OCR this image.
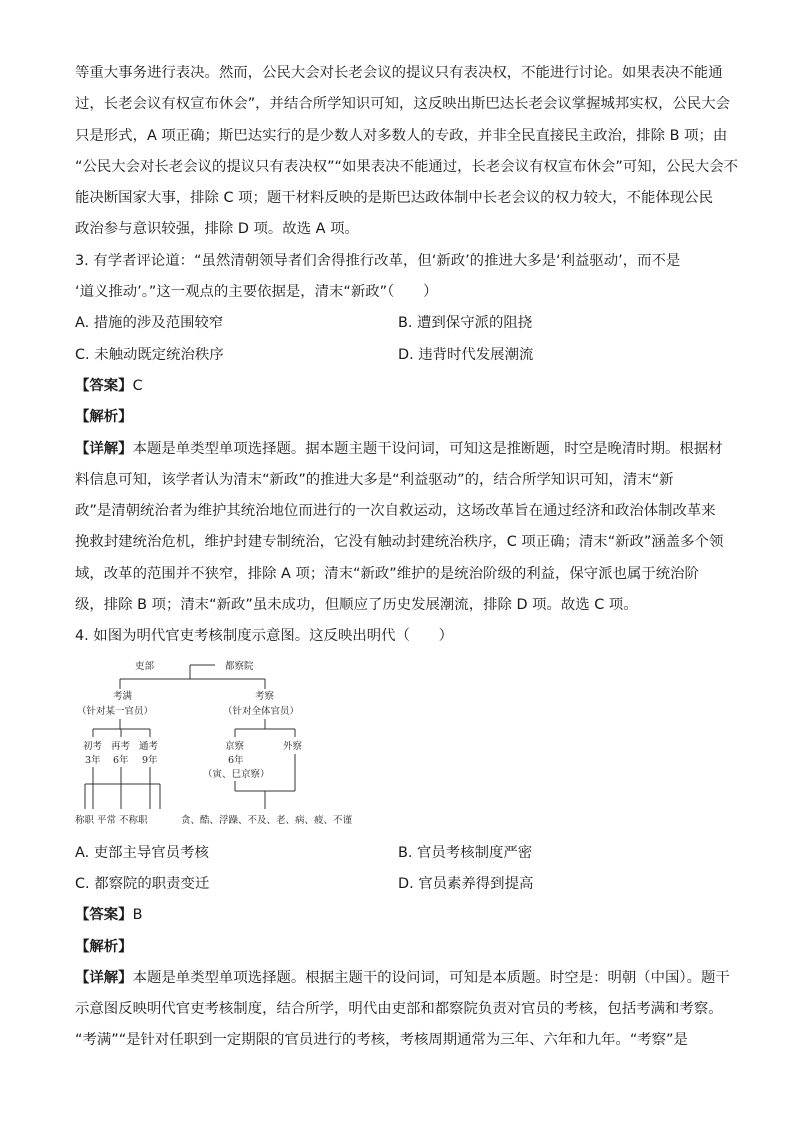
等重大事务进行表决。然而，公民大会对长老会议的提议只有表决权，不能进行讨论。如果表决不能通
过，长老会议有权宣布休会”，并结合所学知识可知，这反映出斯巴达长老会议掌握城邦实权，公民大会
只是形式，A 项正确；斯巴达实行的是少数人对多数人的专政，并非全民直接民主政治，排除 B 项；由
“公民大会对长老会议的提议只有表决权”“如果表决不能通过，长老会议有权宣布休会”可知，公民大会不
能决断国家大事，排除 C 项；题干材料反映的是斯巴达政体制中长老会议的权力较大，不能体现公民
政治参与意识较强，排除 D 项。故选 A 项。
3. 有学者评论道：“虽然清朝领导者们舍得推行改革，但‘新政’的推进大多是‘利益驱动’，而不是
‘道义推动’。”这一观点的主要依据是，清末“新政”（　　）
A. 措施的涉及范围较窄	B. 遭到保守派的阻挠
C. 未触动既定统治秩序	D. 违背时代发展潮流
【答案】C
【解析】
【详解】本题是单类型单项选择题。据本题主题干设问词，可知这是推断题，时空是晚清时期。根据材
料信息可知，该学者认为清末“新政”的推进大多是“利益驱动”的，结合所学知识可知，清末“新
政”是清朝统治者为维护其统治地位而进行的一次自救运动，这场改革旨在通过经济和政治体制改革来
挽救封建统治危机，维护封建专制统治，它没有触动封建统治秩序，C 项正确；清末“新政”涵盖多个领
域，改革的范围并不狭窄，排除 A 项；清末“新政”维护的是统治阶级的利益，保守派也属于统治阶
级，排除 B 项；清末“新政”虽未成功，但顺应了历史发展潮流，排除 D 项。故选 C 项。
4. 如图为明代官吏考核制度示意图。这反映出明代（　　）
吏部	都察院
考满
（针对某一官员）
考察
（针对全体官员）
初考 再考 通考
3年 6年 9年
京察	外察
6年
（寅、巳京察）
称职 平常 不称职	贪、酷、浮躁、不及、老、病、疲、不谨
A. 吏部主导官员考核	B. 官员考核制度严密
C. 都察院的职责变迁	D. 官员素养得到提高
【答案】B
【解析】
【详解】本题是单类型单项选择题。根据主题干的设问词，可知是本质题。时空是：明朝（中国）。题干
示意图反映明代官吏考核制度，结合所学，明代由吏部和都察院负责对官员的考核，包括考满和考察。
“考满”“是针对任职到一定期限的官员进行的考核，考核周期通常为三年、六年和九年。“考察”是
